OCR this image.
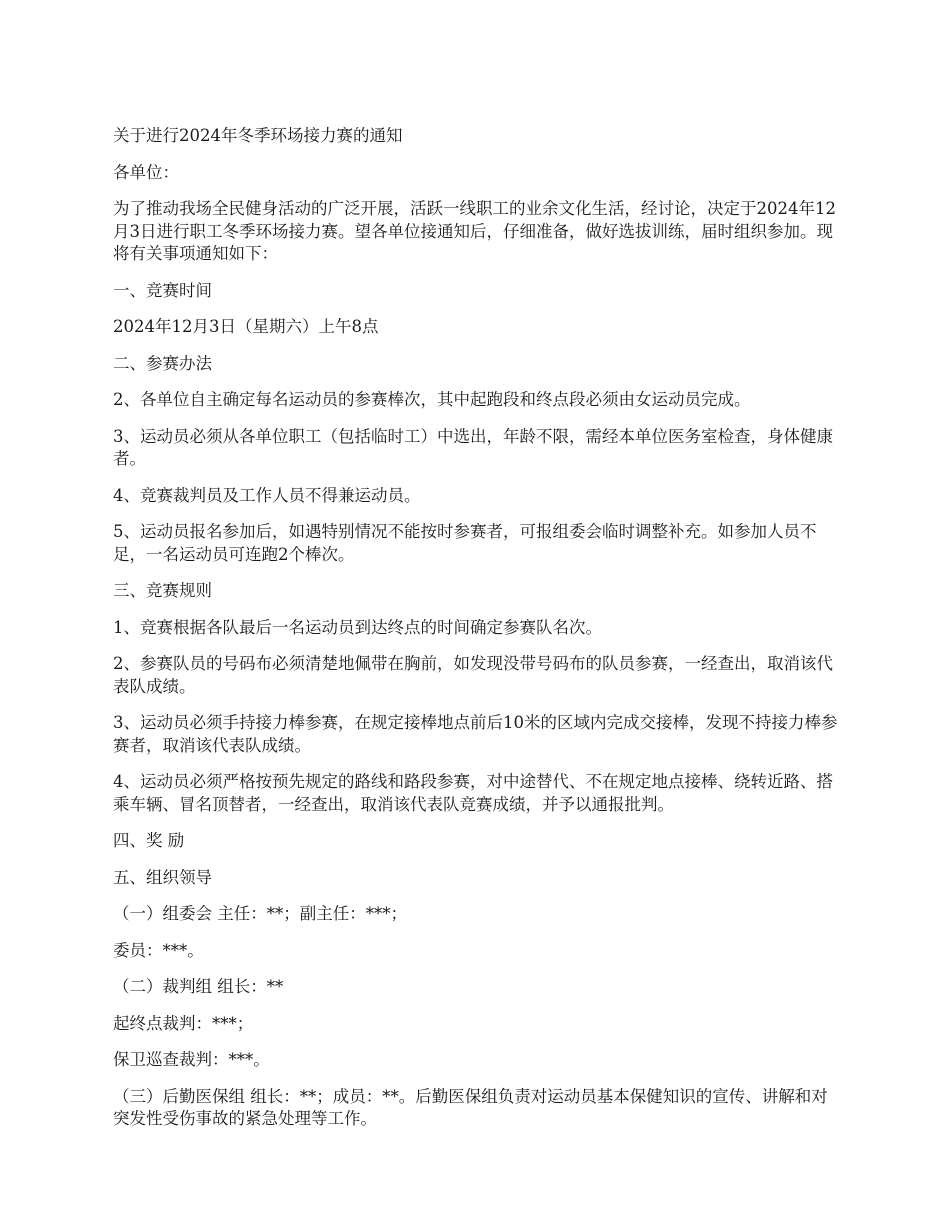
关于进行2024年冬季环场接力赛的通知

各单位：

为了推动我场全民健身活动的广泛开展，活跃一线职工的业余文化生活，经讨论，决定于2024年12月3日进行职工冬季环场接力赛。望各单位接通知后，仔细准备，做好选拔训练，届时组织参加。现将有关事项通知如下：

一、竞赛时间

2024年12月3日（星期六）上午8点

二、参赛办法

2、各单位自主确定每名运动员的参赛棒次，其中起跑段和终点段必须由女运动员完成。

3、运动员必须从各单位职工（包括临时工）中选出，年龄不限，需经本单位医务室检查，身体健康者。

4、竞赛裁判员及工作人员不得兼运动员。

5、运动员报名参加后，如遇特别情况不能按时参赛者，可报组委会临时调整补充。如参加人员不足，一名运动员可连跑2个棒次。

三、竞赛规则

1、竞赛根据各队最后一名运动员到达终点的时间确定参赛队名次。

2、参赛队员的号码布必须清楚地佩带在胸前，如发现没带号码布的队员参赛，一经查出，取消该代表队成绩。

3、运动员必须手持接力棒参赛，在规定接棒地点前后10米的区域内完成交接棒，发现不持接力棒参赛者，取消该代表队成绩。

4、运动员必须严格按预先规定的路线和路段参赛，对中途替代、不在规定地点接棒、绕转近路、搭乘车辆、冒名顶替者，一经查出，取消该代表队竞赛成绩，并予以通报批判。

四、奖 励

五、组织领导

（一）组委会 主任：**；副主任：***；

委员：***。

（二）裁判组 组长：**

起终点裁判：***；

保卫巡查裁判：***。

（三）后勤医保组 组长：**；成员：**。后勤医保组负责对运动员基本保健知识的宣传、讲解和对突发性受伤事故的紧急处理等工作。
